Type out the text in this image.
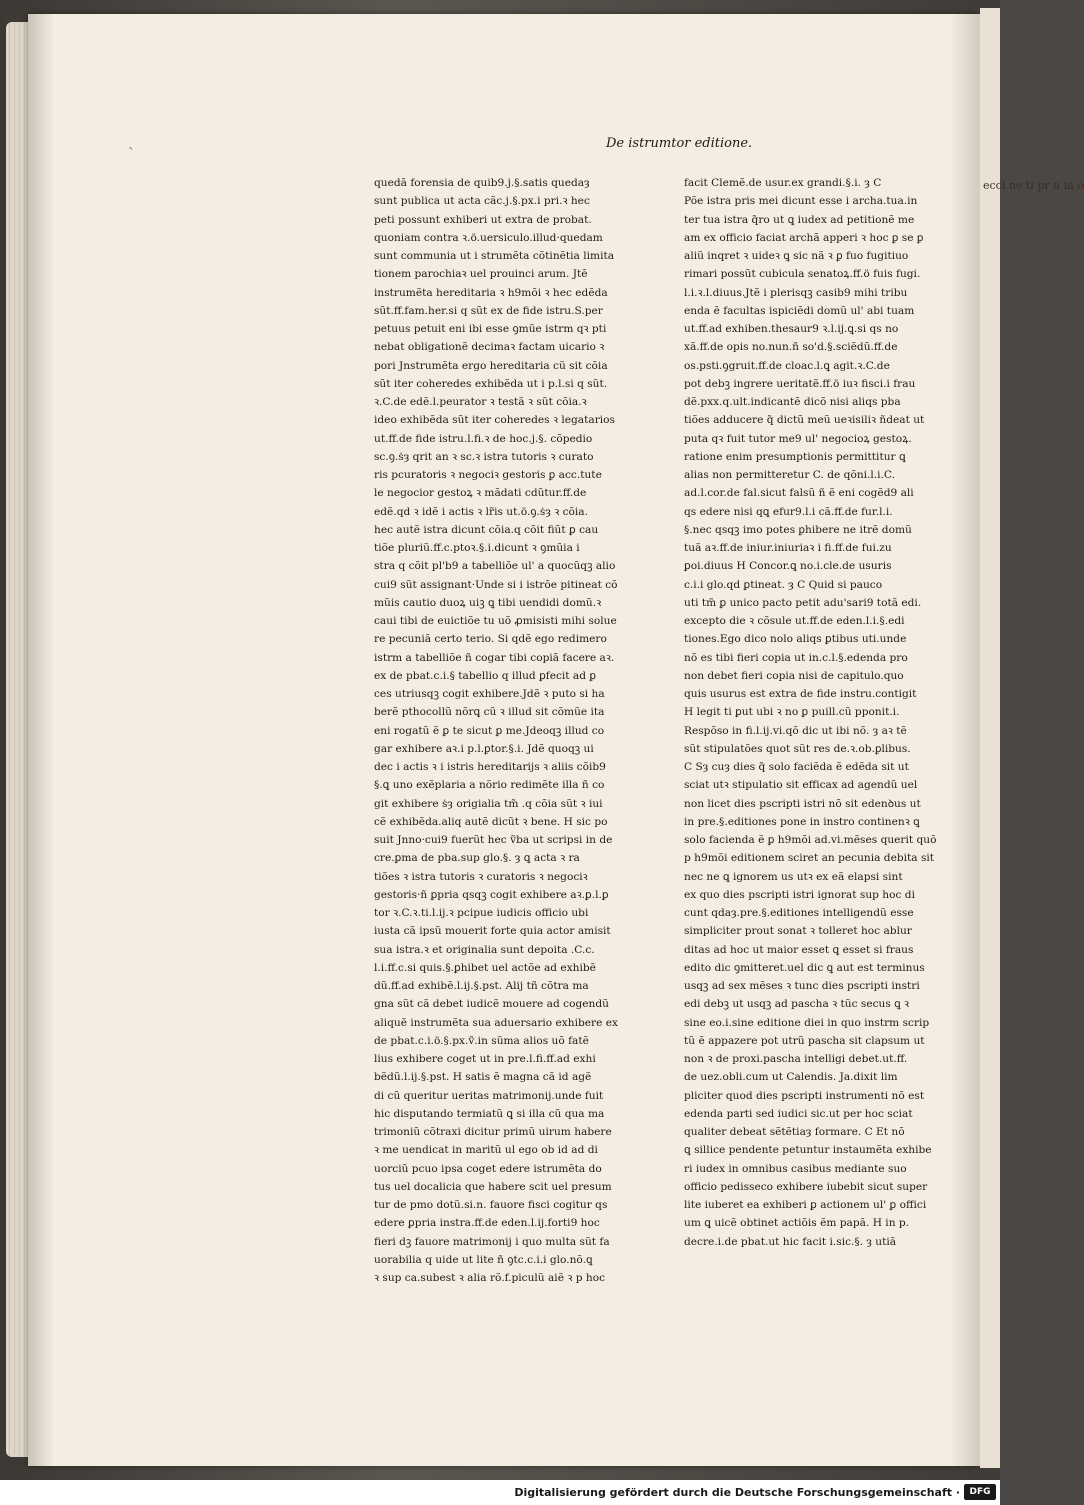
eccl ne ti pr u ia o
ˎ	De istrumtor editione.
quedã forensia de quib9.j.§.satis quedaȝ
sunt publica ut acta cãc.j.§.px.i pri.ꝛ hec
peti possunt exhiberi ut extra de probat.
quoniam contra ꝛ.ö.uersiculo.illud·quedam
sunt communia ut i strumẽta cõtinẽtia limita
tionem parochiaꝛ uel prouinci arum. Jtẽ
instrumẽta hereditaria ꝛ h9mõi ꝛ hec edẽda
sũt.ff.fam.her.si q sũt ex de fide istru.S.per
petuus petuit eni ibi esse ꝯmũe istrm qꝛ pti
nebat obligationẽ decimaꝛ factam uicario ꝛ
pori Jnstrumẽta ergo hereditaria cũ sit cõia
sũt iter coheredes exhibẽda ut i p.l.si q sũt.
ꝛ.C.de edẽ.l.peurator ꝛ testã ꝛ sũt cõia.ꝛ
ideo exhibẽda sũt iter coheredes ꝛ legatarios
ut.ff.de fide istru.l.fi.ꝛ de hoc.j.§. cõpedio
sc.ꝯ.ṡȝ qrit an ꝛ sc.ꝛ istra tutoris ꝛ curato
ris pcuratoris ꝛ negociꝛ gestoris ꝑ acc.tute
le negocior gestoꝝ ꝛ mãdati cdũtur.ff.de
edẽ.qd ꝛ idẽ i actis ꝛ lr̃is ut.ö.ꝯ.ṡȝ ꝛ cõia.
hec autẽ istra dicunt cõia.q cõit fiũt ꝑ cau
tiõe pluriũ.ff.c.ptoꝛ.§.i.dicunt ꝛ ꝯmũia i
stra q cõit pl'b9 a tabelliõe ul' a quocũqꝫ alio
cui9 sũt assignant·Unde si i istrõe pitineat cõ
mũis cautio duoꝝ uiꝫ ꝗ tibi uendidi domũ.ꝛ
caui tibi de euictiõe tu uõ ꝓmisisti mihi solue
re pecuniã certo terio. Si qdẽ ego redimero
istrm a tabelliõe ñ cogar tibi copiã facere aꝛ.
ex de pbat.c.i.§ tabellio q illud ꝑfecit ad ꝑ
ces utriusqꝫ cogit exhibere.Jdẽ ꝛ puto si ha
berẽ pthocollũ nõrꝗ cũ ꝛ illud sit cõmũe ita
eni rogatũ ẽ ꝑ te sicut ꝑ me.Jdeoqꝫ illud co
gar exhibere aꝛ.i p.l.ꝑtor.§.i. Jdẽ quoqꝫ ui
dec i actis ꝛ i istris hereditarijs ꝛ aliis cõib9
§.ꝗ uno exẽplaria a nõrio redimẽte illa ñ co
git exhibere ṡȝ origialia tm̃ .q cõia sũt ꝛ iui
cẽ exhibẽda.aliq autẽ dicũt ꝛ bene. H sic po
suit Jnno·cui9 fuerũt hec ṽba ut scripsi in de
cre.ꝑma de pba.sup glo.§. ȝ ꝗ acta ꝛ ra
tiões ꝛ istra tutoris ꝛ curatoris ꝛ negociꝛ
gestoris·ñ ꝑpria qsqꝫ cogit exhibere aꝛ.ꝑ.l.ꝑ
tor ꝛ.C.ꝛ.ti.l.ij.ꝛ pcipue iudicis officio ubi
iusta cã ipsũ mouerit forte quia actor amisit
sua istra.ꝛ et originalia sunt depoita .C.c.
l.i.ff.c.si quis.§.ꝑhibet uel actõe ad exhibẽ
dũ.ff.ad exhibẽ.l.ij.§.pst. Alij tñ cõtra ma
gna sũt cã debet iudicẽ mouere ad cogendũ
aliquẽ instrumẽta sua aduersario exhibere ex
de pbat.c.i.ö.§.px.ṽ.in sũma alios uõ fatẽ
lius exhibere coget ut in pre.l.fi.ff.ad exhi
bẽdũ.l.ij.§.pst. H satis ẽ magna cã id agẽ
di cũ queritur ueritas matrimonij.unde fuit
hic disputando termiatũ ꝗ si illa cũ qua ma
trimoniũ cõtraxi dicitur primũ uirum habere
ꝛ me uendicat in maritũ ul ego ob id ad di
uorciũ pcuo ipsa coget edere istrumẽta do
tus uel docalicia que habere scit uel presum
tur de pmo dotũ.si.n. fauore fisci cogitur qs
edere ꝑpria instra.ff.de eden.l.ij.forti9 hoc
fieri dꝫ fauore matrimonij i quo multa sũt fa
uorabilia q uide ut lite ñ ꝯtc.c.i.i glo.nõ.ꝗ
ꝛ sup ca.subest ꝛ alia rõ.f.piculũ aiẽ ꝛ p hoc
facit Clemẽ.de usur.ex grandi.§.i. ȝ C
Põe istra pris mei dicunt esse i archa.tua.in
ter tua istra q̃ro ut ꝗ iudex ad petitionẽ me
am ex officio faciat archã apperi ꝛ hoc ꝑ se ꝑ
aliũ inqret ꝛ uideꝛ ꝗ sic nã ꝛ ꝑ fuo fugitiuo
rimari possũt cubicula senatoꝝ.ff.ö fuis fugi.
l.i.ꝛ.l.diuus.Jtẽ i plerisqꝫ casib9 mihi tribu
enda ẽ facultas ispiciẽdi domũ ul' abi tuam
ut.ff.ad exhiben.thesaur9 ꝛ.l.ij.ꝗ.si qs no
xã.ff.de opis no.nun.ñ so'd.§.sciẽdũ.ff.de
os.psti.ꝯgruit.ff.de cloac.l.ꝗ agit.ꝛ.C.de
pot debꝫ ingrere ueritatẽ.ff.ö iuꝛ fisci.i frau
dẽ.pxx.q.ult.indicantẽ dicõ nisi aliqs pba
tiões adducere q̃ dictũ meũ ueꝛisiliꝛ ñdeat ut
puta qꝛ fuit tutor me9 ul' negocioꝝ gestoꝝ.
ratione enim presumptionis permittitur ꝗ
alias non permitteretur C. de qõni.l.i.C.
ad.l.cor.de fal.sicut falsũ ñ ẽ eni cogẽd9 ali
qs edere nisi qꝗ efur9.l.i cã.ff.de fur.l.i.
§.nec qsqꝫ imo potes ꝑhibere ne itrẽ domũ
tuã aꝛ.ff.de iniur.iniuriaꝛ i fi.ff.de fui.zu
ꝑoi.diuus H Concor.ꝗ no.i.cle.de usuris
c.i.i glo.qd ꝑtineat. ȝ C Quid si pauco
uti tm̃ ꝑ unico pacto petit adu'sari9 totã edi.
excepto die ꝛ cõsule ut.ff.de eden.l.i.§.edi
tiones.Ego dico nolo aliqs ꝑtibus uti.unde
nõ es tibi fieri copia ut in.c.l.§.edenda pro
non debet fieri copia nisi de capitulo.quo
quis usurus est extra de fide instru.contigit
H legit ti ꝑut ubi ꝛ no ꝑ puill.cũ pponit.i.
Respõso in fi.l.ij.vi.qõ dic ut ibi nõ. ȝ aꝛ tẽ
sũt stipulatões quot sũt res de.ꝛ.ob.ꝑlibus.
C Sȝ cuȝ dies q̃ solo faciẽda ẽ edẽda sit ut
sciat utꝛ stipulatio sit efficax ad agendũ uel
non licet dies pscripti istri nõ sit edenꝺus ut
in pre.§.editiones pone in instro continenꝛ ꝗ
solo facienda ẽ ꝑ h9mõi ad.vi.mẽses querit quõ
p h9mõi editionem sciret an pecunia debita sit
nec ne ꝗ ignorem us utꝛ ex eã elapsi sint
ex quo dies pscripti istri ignorat sup hoc di
cunt qdaȝ.pre.§.editiones intelligendũ esse
simpliciter prout sonat ꝛ tolleret hoc ablur
ditas ad hoc ut maior esset ꝗ esset si fraus
edito dic ꝯmitteret.uel dic ꝗ aut est terminus
usqꝫ ad sex mẽses ꝛ tunc dies pscripti instri
edi debꝫ ut usqꝫ ad pascha ꝛ tũc secus ꝗ ꝛ
sine eo.i.sine editione diei in quo instrm scrip
tũ ẽ appazere pot utrũ pascha sit clapsum ut
non ꝛ de proxi.pascha intelligi debet.ut.ff.
de uez.obli.cum ut Calendis. Ja.dixit lim
pliciter quod dies pscripti instrumenti nõ est
edenda parti sed iudici sic.ut per hoc sciat
qualiter debeat sẽtẽtiaȝ formare. C Et nõ
ꝗ sillice pendente petuntur instaumẽta exhibe
ri iudex in omnibus casibus mediante suo
officio pedisseco exhibere iubebit sicut super
lite iuberet ea exhiberi ꝑ actionem ul' ꝑ offici
um ꝗ uicẽ obtinet actiõis ẽm papã. H in p.
decre.i.de pbat.ut hic facit i.sic.§. ȝ utiã
Digitalisierung gefördert durch die Deutsche Forschungsgemeinschaft ·	DFG
